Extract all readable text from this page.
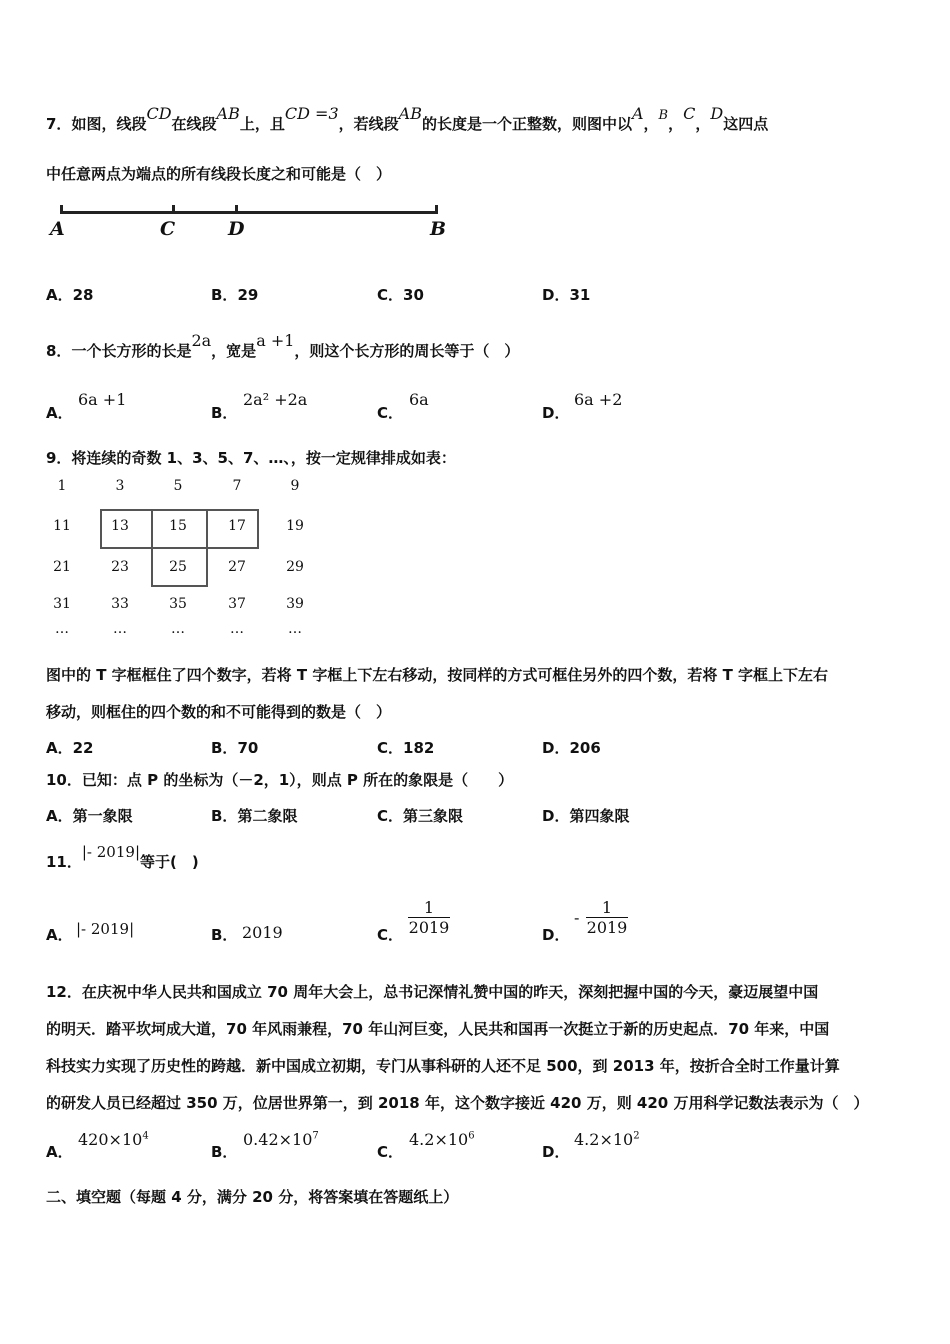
7．如图，线段CD在线段AB上，且CD =3，若线段AB的长度是一个正整数，则图中以A，B，C，D这四点
中任意两点为端点的所有线段长度之和可能是（　）
A	C	D	B
A．28	B．29	C．30	D．31
8．一个长方形的长是2a，宽是a +1，则这个长方形的周长等于（　）
A．
6a +1
B．
2a² +2a
C．
6a
D．
6a +2
9．将连续的奇数 1、3、5、7、…、，按一定规律排成如表：
1	3	5	7	9
11	13	15	17	19
21	23	25	27	29
31	33	35	37	39
…	…	…	…	…
图中的 T 字框框住了四个数字，若将 T 字框上下左右移动，按同样的方式可框住另外的四个数，若将 T 字框上下左右
移动，则框住的四个数的和不可能得到的数是（　）
A．22	B．70	C．182	D．206
10．已知：点 P 的坐标为（－2，1），则点 P 所在的象限是（　　）
A．第一象限	B．第二象限	C．第三象限	D．第四象限
11．|- 2019|等于(　)
A． |- 2019|	B． 2019	C． $\frac{1}{2019}$	D．
- $\frac{1}{2019}$
12．在庆祝中华人民共和国成立 70 周年大会上，总书记深情礼赞中国的昨天，深刻把握中国的今天，豪迈展望中国
的明天．踏平坎坷成大道，70 年风雨兼程，70 年山河巨变，人民共和国再一次挺立于新的历史起点．70 年来，中国
科技实力实现了历史性的跨越．新中国成立初期，专门从事科研的人还不足 500，到 2013 年，按折合全时工作量计算
的研发人员已经超过 350 万，位居世界第一，到 2018 年，这个数字接近 420 万，则 420 万用科学记数法表示为（　）
A．
$420\times 10^4$
B．
$0.42\times 10^7$
C．
$4.2\times 10^6$
D．
$4.2\times 10^2$
二、填空题（每题 4 分，满分 20 分，将答案填在答题纸上）
